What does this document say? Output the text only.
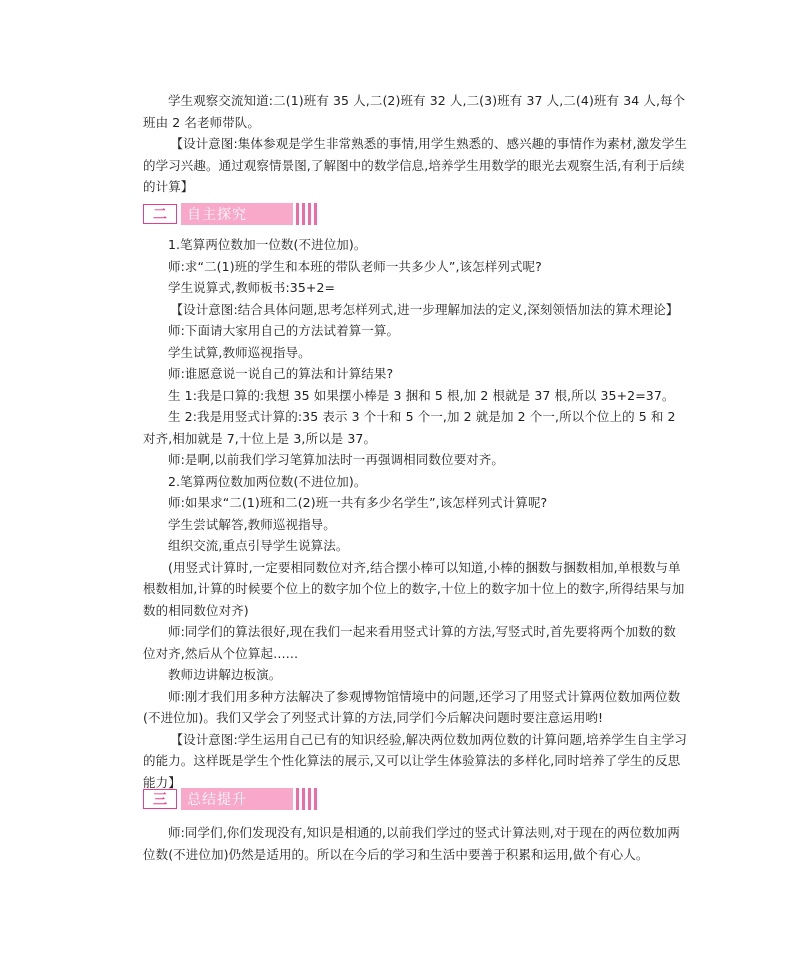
学生观察交流知道:二(1)班有 35 人,二(2)班有 32 人,二(3)班有 37 人,二(4)班有 34 人,每个班由 2 名老师带队。

【设计意图:集体参观是学生非常熟悉的事情,用学生熟悉的、感兴趣的事情作为素材,激发学生的学习兴趣。通过观察情景图,了解图中的数学信息,培养学生用数学的眼光去观察生活,有利于后续的计算】

二	自主探究

1.笔算两位数加一位数(不进位加)。

师:求“二(1)班的学生和本班的带队老师一共多少人”,该怎样列式呢?

学生说算式,教师板书:35+2=

【设计意图:结合具体问题,思考怎样列式,进一步理解加法的定义,深刻领悟加法的算术理论】

师:下面请大家用自己的方法试着算一算。

学生试算,教师巡视指导。

师:谁愿意说一说自己的算法和计算结果?

生 1:我是口算的:我想 35 如果摆小棒是 3 捆和 5 根,加 2 根就是 37 根,所以 35+2=37。

生 2:我是用竖式计算的:35 表示 3 个十和 5 个一,加 2 就是加 2 个一,所以个位上的 5 和 2 对齐,相加就是 7,十位上是 3,所以是 37。

师:是啊,以前我们学习笔算加法时一再强调相同数位要对齐。

2.笔算两位数加两位数(不进位加)。

师:如果求“二(1)班和二(2)班一共有多少名学生”,该怎样列式计算呢?

学生尝试解答,教师巡视指导。

组织交流,重点引导学生说算法。

(用竖式计算时,一定要相同数位对齐,结合摆小棒可以知道,小棒的捆数与捆数相加,单根数与单根数相加,计算的时候要个位上的数字加个位上的数字,十位上的数字加十位上的数字,所得结果与加数的相同数位对齐)

师:同学们的算法很好,现在我们一起来看用竖式计算的方法,写竖式时,首先要将两个加数的数位对齐,然后从个位算起……

教师边讲解边板演。

师:刚才我们用多种方法解决了参观博物馆情境中的问题,还学习了用竖式计算两位数加两位数(不进位加)。我们又学会了列竖式计算的方法,同学们今后解决问题时要注意运用哟!

【设计意图:学生运用自己已有的知识经验,解决两位数加两位数的计算问题,培养学生自主学习的能力。这样既是学生个性化算法的展示,又可以让学生体验算法的多样化,同时培养了学生的反思能力】

三	总结提升

师:同学们,你们发现没有,知识是相通的,以前我们学过的竖式计算法则,对于现在的两位数加两位数(不进位加)仍然是适用的。所以在今后的学习和生活中要善于积累和运用,做个有心人。
